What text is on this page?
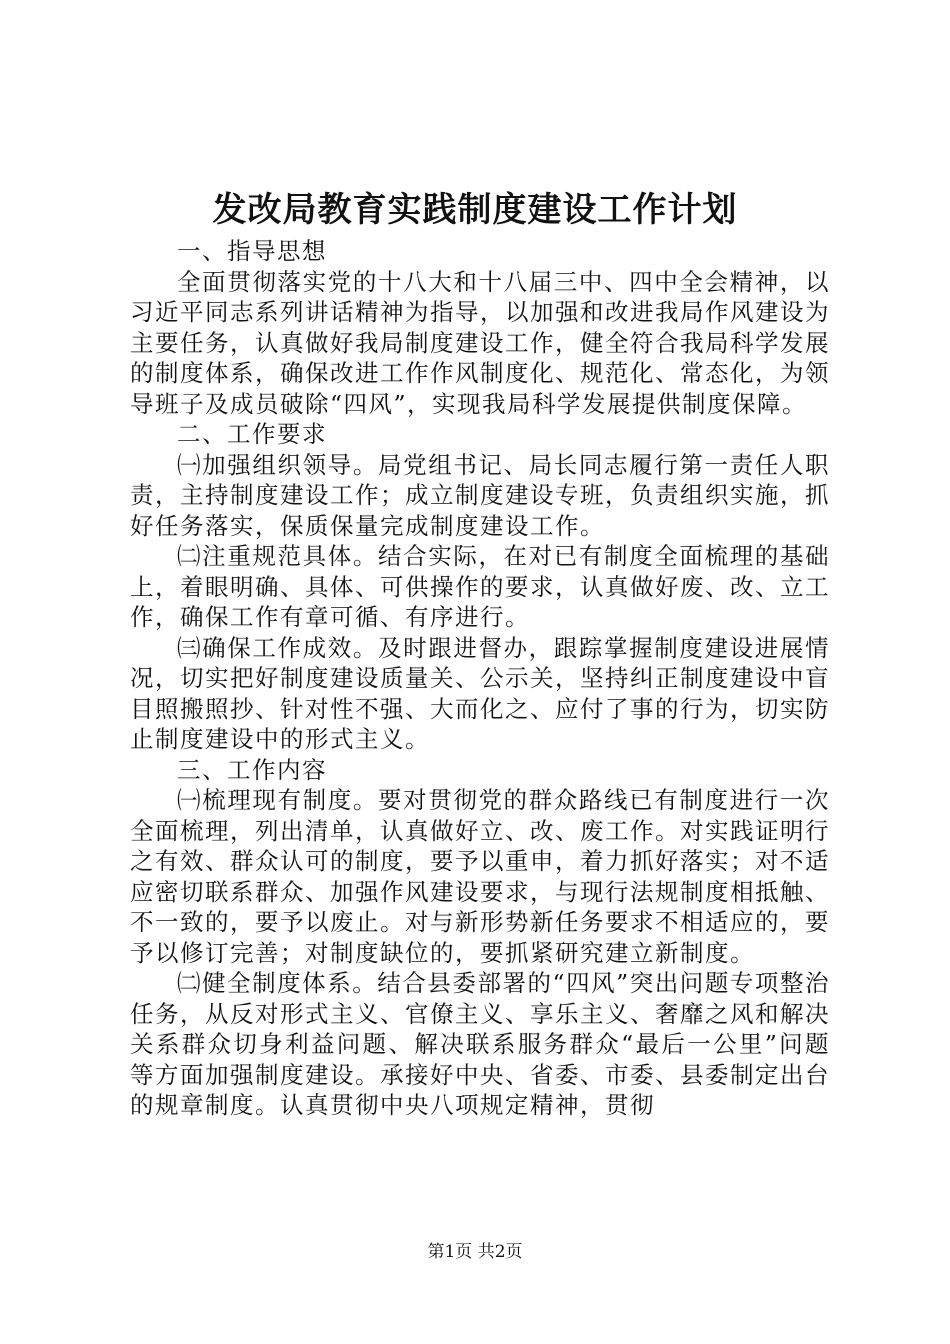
发改局教育实践制度建设工作计划

一、指导思想

全面贯彻落实党的十八大和十八届三中、四中全会精神，以习近平同志系列讲话精神为指导，以加强和改进我局作风建设为主要任务，认真做好我局制度建设工作，健全符合我局科学发展的制度体系，确保改进工作作风制度化、规范化、常态化，为领导班子及成员破除“四风”，实现我局科学发展提供制度保障。

二、工作要求

㈠加强组织领导。局党组书记、局长同志履行第一责任人职责，主持制度建设工作；成立制度建设专班，负责组织实施，抓好任务落实，保质保量完成制度建设工作。

㈡注重规范具体。结合实际，在对已有制度全面梳理的基础上，着眼明确、具体、可供操作的要求，认真做好废、改、立工作，确保工作有章可循、有序进行。

㈢确保工作成效。及时跟进督办，跟踪掌握制度建设进展情况，切实把好制度建设质量关、公示关，坚持纠正制度建设中盲目照搬照抄、针对性不强、大而化之、应付了事的行为，切实防止制度建设中的形式主义。

三、工作内容

㈠梳理现有制度。要对贯彻党的群众路线已有制度进行一次全面梳理，列出清单，认真做好立、改、废工作。对实践证明行之有效、群众认可的制度，要予以重申，着力抓好落实；对不适应密切联系群众、加强作风建设要求，与现行法规制度相抵触、不一致的，要予以废止。对与新形势新任务要求不相适应的，要予以修订完善；对制度缺位的，要抓紧研究建立新制度。

㈡健全制度体系。结合县委部署的“四风”突出问题专项整治任务，从反对形式主义、官僚主义、享乐主义、奢靡之风和解决关系群众切身利益问题、解决联系服务群众“最后一公里”问题等方面加强制度建设。承接好中央、省委、市委、县委制定出台的规章制度。认真贯彻中央八项规定精神，贯彻

第1页 共2页
